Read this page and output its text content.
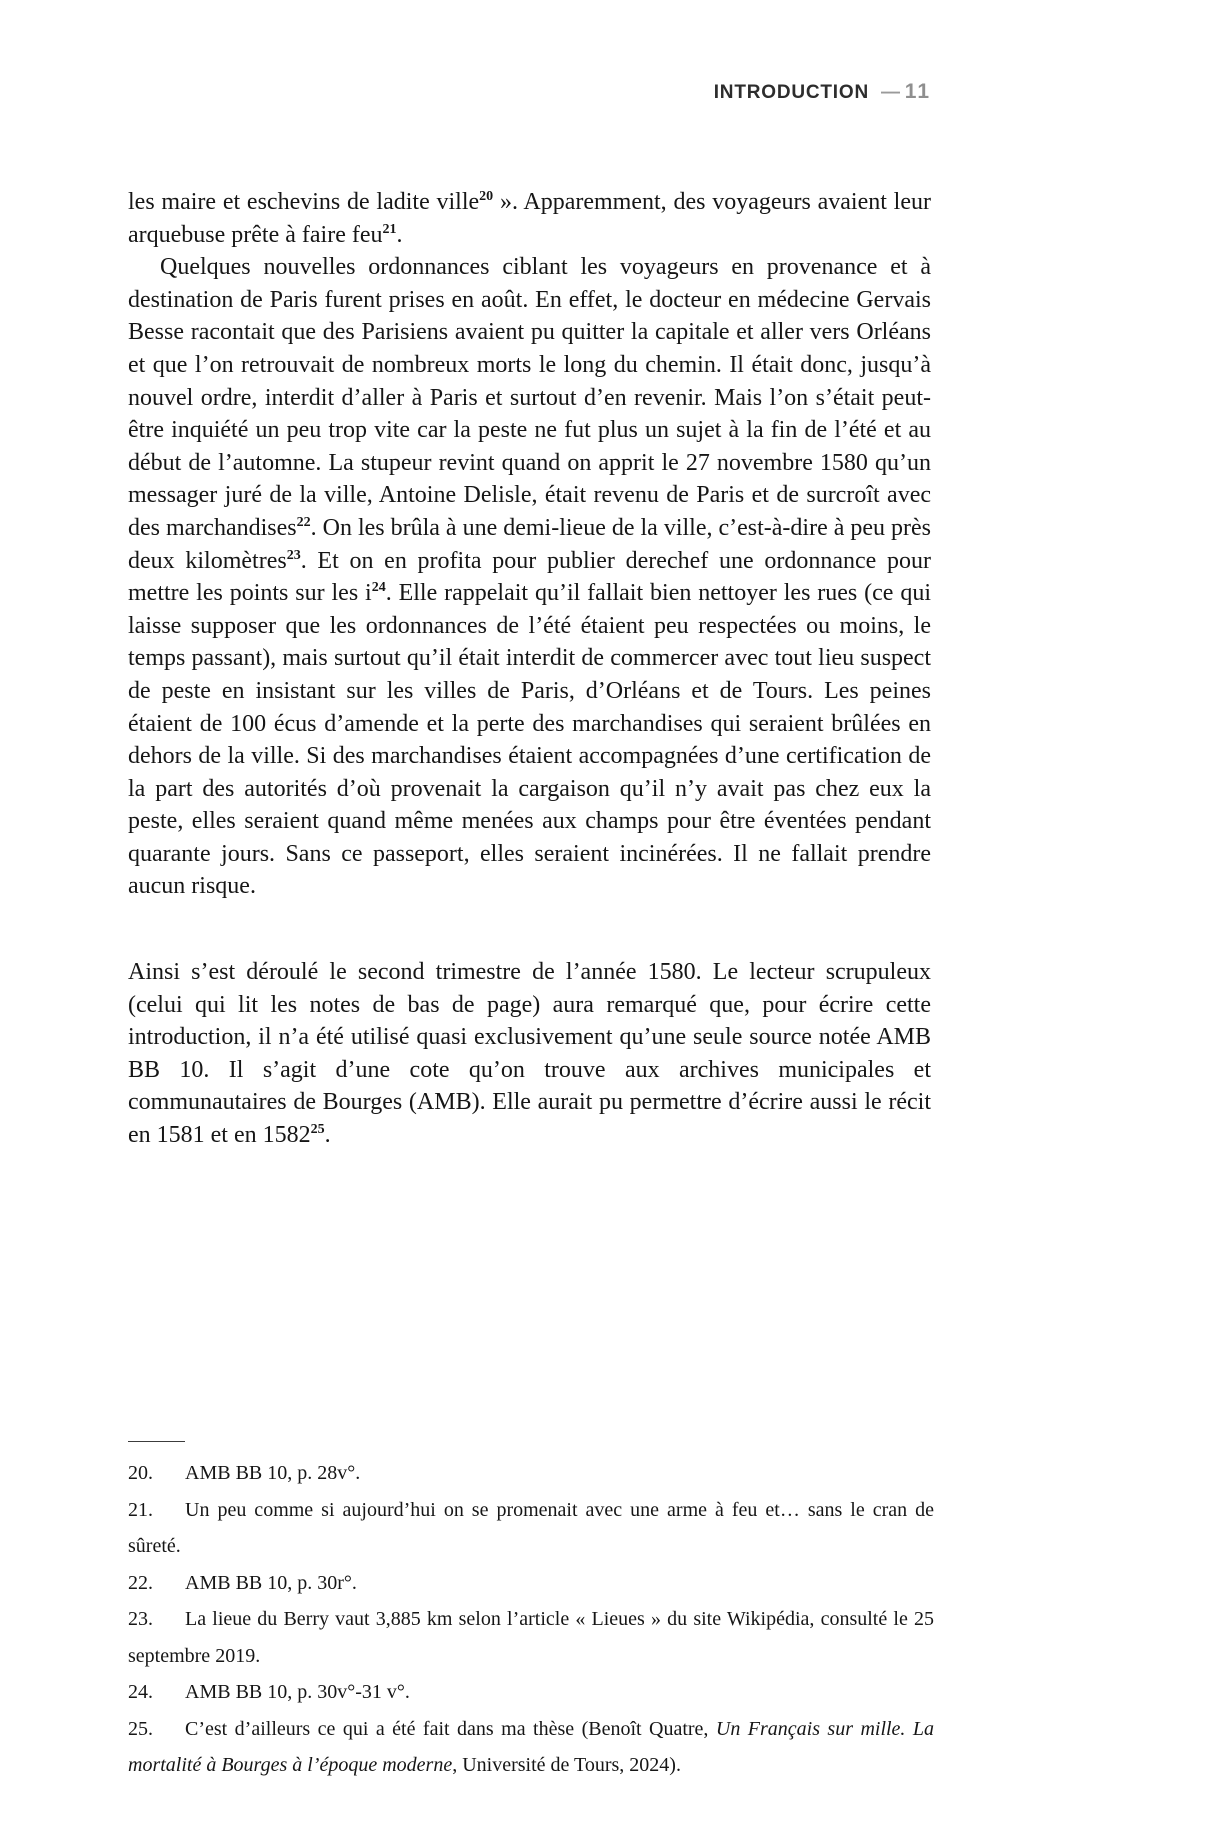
INTRODUCTION — 11

les maire et eschevins de ladite ville$^{20}$ ». Apparemment, des voyageurs avaient leur arquebuse prête à faire feu$^{21}$.

Quelques nouvelles ordonnances ciblant les voyageurs en provenance et à destination de Paris furent prises en août. En effet, le docteur en médecine Gervais Besse racontait que des Parisiens avaient pu quitter la capitale et aller vers Orléans et que l’on retrouvait de nombreux morts le long du chemin. Il était donc, jusqu’à nouvel ordre, interdit d’aller à Paris et surtout d’en revenir. Mais l’on s’était peut-être inquiété un peu trop vite car la peste ne fut plus un sujet à la fin de l’été et au début de l’automne. La stupeur revint quand on apprit le 27 novembre 1580 qu’un messager juré de la ville, Antoine Delisle, était revenu de Paris et de surcroît avec des marchandises$^{22}$. On les brûla à une demi-lieue de la ville, c’est-à-dire à peu près deux kilomètres$^{23}$. Et on en profita pour publier derechef une ordonnance pour mettre les points sur les i$^{24}$. Elle rappelait qu’il fallait bien nettoyer les rues (ce qui laisse supposer que les ordonnances de l’été étaient peu respectées ou moins, le temps passant), mais surtout qu’il était interdit de commercer avec tout lieu suspect de peste en insistant sur les villes de Paris, d’Orléans et de Tours. Les peines étaient de 100 écus d’amende et la perte des marchandises qui seraient brûlées en dehors de la ville. Si des marchandises étaient accompagnées d’une certification de la part des autorités d’où provenait la cargaison qu’il n’y avait pas chez eux la peste, elles seraient quand même menées aux champs pour être éventées pendant quarante jours. Sans ce passeport, elles seraient incinérées. Il ne fallait prendre aucun risque.

Ainsi s’est déroulé le second trimestre de l’année 1580. Le lecteur scrupuleux (celui qui lit les notes de bas de page) aura remarqué que, pour écrire cette introduction, il n’a été utilisé quasi exclusivement qu’une seule source notée AMB BB 10. Il s’agit d’une cote qu’on trouve aux archives municipales et communautaires de Bourges (AMB). Elle aurait pu permettre d’écrire aussi le récit en 1581 et en 1582$^{25}$.

20. AMB BB 10, p. 28v°.
21. Un peu comme si aujourd’hui on se promenait avec une arme à feu et… sans le cran de sûreté.
22. AMB BB 10, p. 30r°.
23. La lieue du Berry vaut 3,885 km selon l’article « Lieues » du site Wikipédia, consulté le 25 septembre 2019.
24. AMB BB 10, p. 30v°-31 v°.
25. C’est d’ailleurs ce qui a été fait dans ma thèse (Benoît Quatre, Un Français sur mille. La mortalité à Bourges à l’époque moderne, Université de Tours, 2024).
